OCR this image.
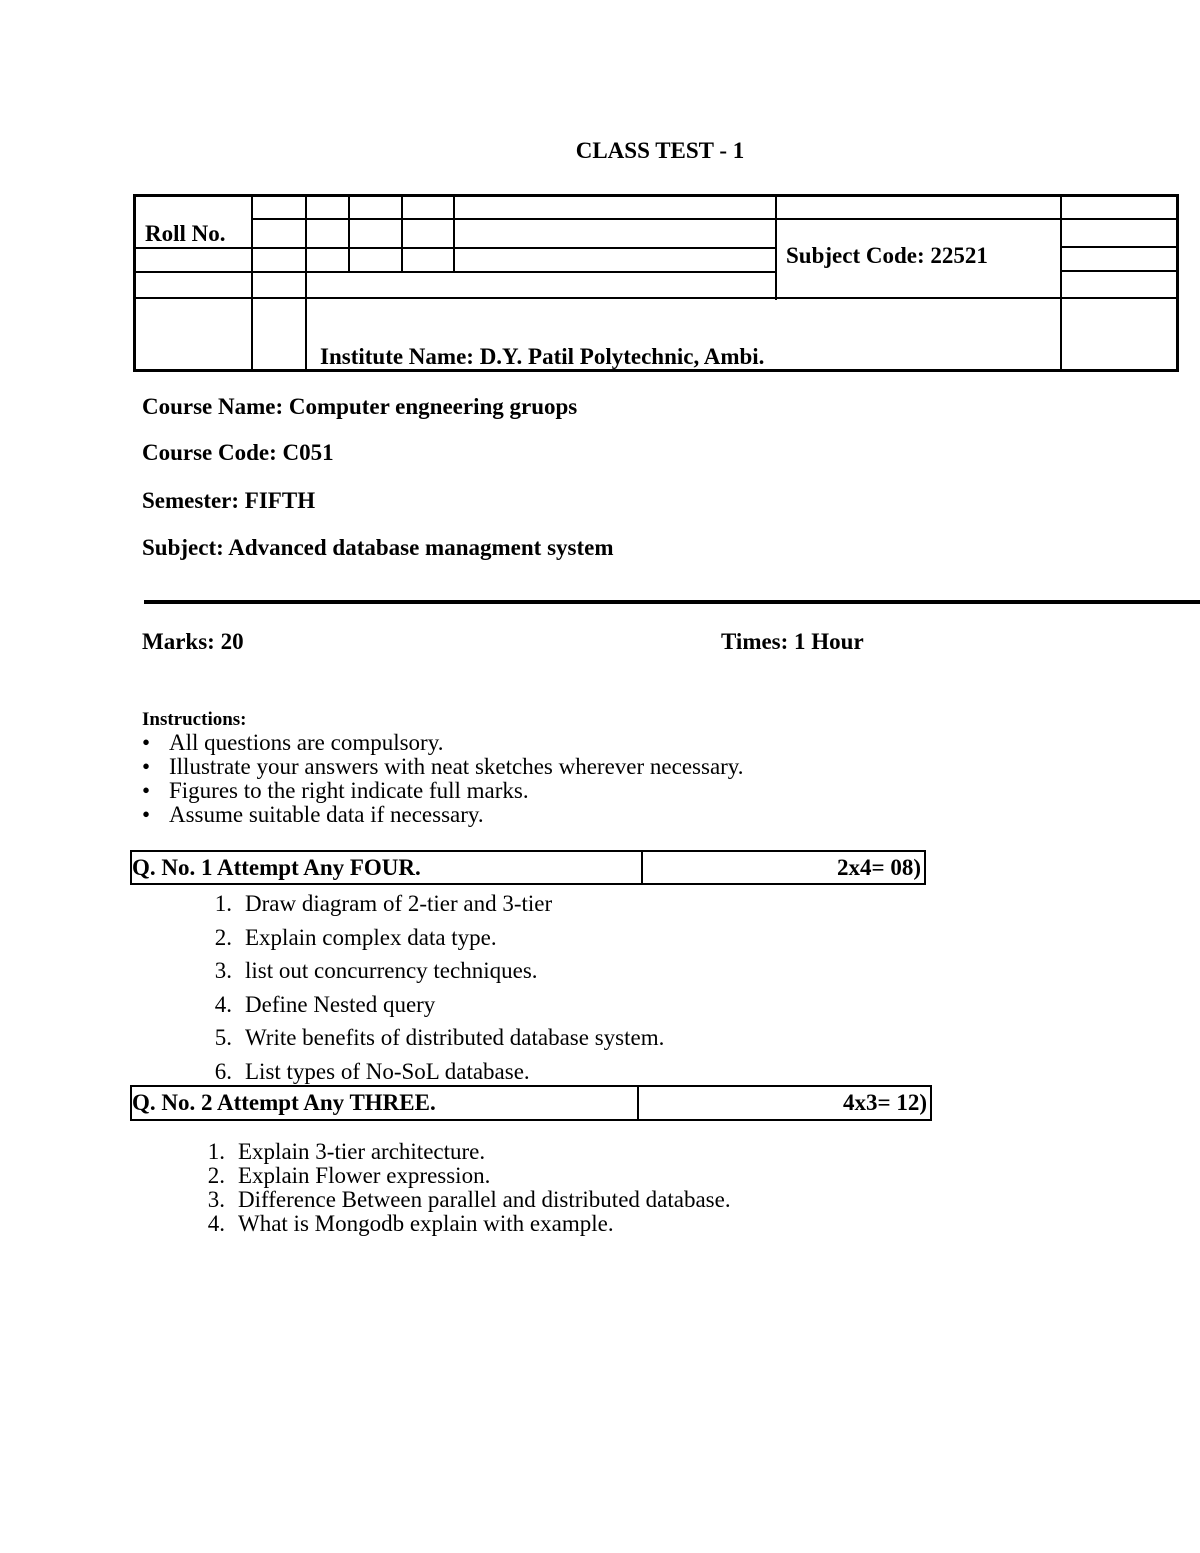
CLASS TEST - 1
Roll No.
Subject Code: 22521
Institute Name: D.Y. Patil Polytechnic, Ambi.
Course Name: Computer engneering gruops
Course Code: C051
Semester: FIFTH
Subject: Advanced database managment system
Marks: 20	Times: 1 Hour
Instructions:
• All questions are compulsory.
• Illustrate your answers with neat sketches wherever necessary.
• Figures to the right indicate full marks.
• Assume suitable data if necessary.
Q. No. 1 Attempt Any FOUR.	2x4= 08)
1. Draw diagram of 2-tier and 3-tier
2. Explain complex data type.
3. list out concurrency techniques.
4. Define Nested query
5. Write benefits of distributed database system.
6. List types of No-SoL database.
Q. No. 2 Attempt Any THREE.	4x3= 12)
1. Explain 3-tier architecture.
2. Explain Flower expression.
3. Difference Between parallel and distributed database.
4. What is Mongodb explain with example.
